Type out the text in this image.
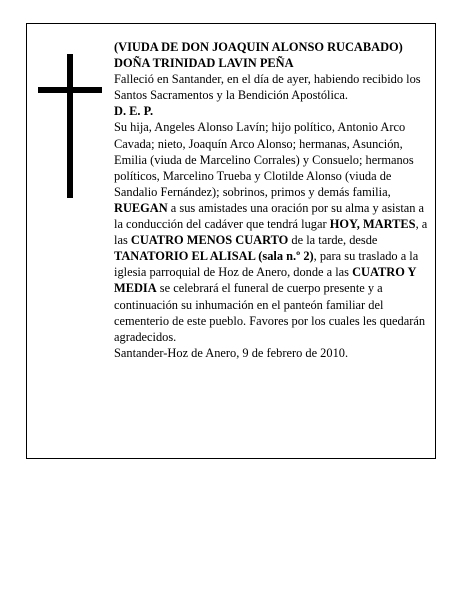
(VIUDA DE DON JOAQUIN ALONSO RUCABADO)

DOÑA TRINIDAD LAVIN PEÑA

Falleció en Santander, en el día de ayer, habiendo recibido los Santos Sacramentos y la Bendición Apostólica.

D. E. P.

Su hija, Angeles Alonso Lavín; hijo político, Antonio Arco Cavada; nieto, Joaquín Arco Alonso; hermanas, Asunción, Emilia (viuda de Marcelino Corrales) y Consuelo; hermanos políticos, Marcelino Trueba y Clotilde Alonso (viuda de Sandalio Fernández); sobrinos, primos y demás familia,

RUEGAN a sus amistades una oración por su alma y asistan a la conducción del cadáver que tendrá lugar HOY, MARTES, a las CUATRO MENOS CUARTO de la tarde, desde TANATORIO EL ALISAL (sala n.º 2), para su traslado a la iglesia parroquial de Hoz de Anero, donde a las CUATRO Y MEDIA se celebrará el funeral de cuerpo presente y a continuación su inhumación en el panteón familiar del cementerio de este pueblo. Favores por los cuales les quedarán agradecidos.

Santander-Hoz de Anero, 9 de febrero de 2010.
